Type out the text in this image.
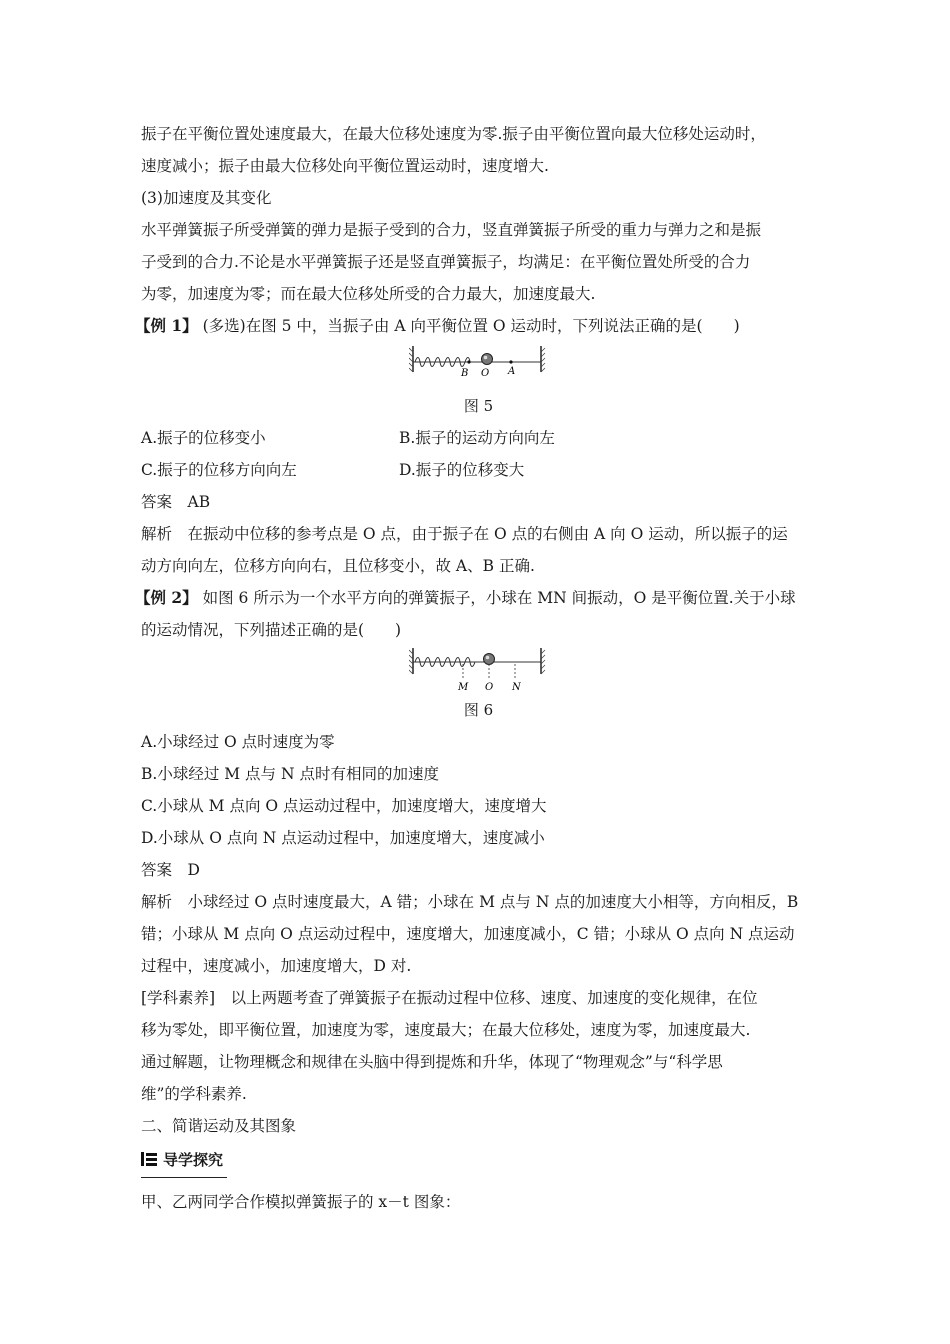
振子在平衡位置处速度最大，在最大位移处速度为零.振子由平衡位置向最大位移处运动时，
速度减小；振子由最大位移处向平衡位置运动时，速度增大.
(3)加速度及其变化
水平弹簧振子所受弹簧的弹力是振子受到的合力，竖直弹簧振子所受的重力与弹力之和是振
子受到的合力.不论是水平弹簧振子还是竖直弹簧振子，均满足：在平衡位置处所受的合力
为零，加速度为零；而在最大位移处所受的合力最大，加速度最大.
【例 1】 (多选)在图 5 中，当振子由 A 向平衡位置 O 运动时，下列说法正确的是(　　)
B O A
图 5
A.振子的位移变小	B.振子的运动方向向左
C.振子的位移方向向左	D.振子的位移变大
答案　AB
解析　在振动中位移的参考点是 O 点，由于振子在 O 点的右侧由 A 向 O 运动，所以振子的运
动方向向左，位移方向向右，且位移变小，故 A、B 正确.
【例 2】 如图 6 所示为一个水平方向的弹簧振子，小球在 MN 间振动，O 是平衡位置.关于小球
的运动情况，下列描述正确的是(　　)
M O N
图 6
A.小球经过 O 点时速度为零
B.小球经过 M 点与 N 点时有相同的加速度
C.小球从 M 点向 O 点运动过程中，加速度增大，速度增大
D.小球从 O 点向 N 点运动过程中，加速度增大，速度减小
答案　D
解析　小球经过 O 点时速度最大，A 错；小球在 M 点与 N 点的加速度大小相等，方向相反，B
错；小球从 M 点向 O 点运动过程中，速度增大，加速度减小，C 错；小球从 O 点向 N 点运动
过程中，速度减小，加速度增大，D 对.
[学科素养]　以上两题考查了弹簧振子在振动过程中位移、速度、加速度的变化规律，在位
移为零处，即平衡位置，加速度为零，速度最大；在最大位移处，速度为零，加速度最大.
通过解题，让物理概念和规律在头脑中得到提炼和升华，体现了“物理观念”与“科学思
维”的学科素养.
二、简谐运动及其图象
导学探究
甲、乙两同学合作模拟弹簧振子的 x－t 图象：
